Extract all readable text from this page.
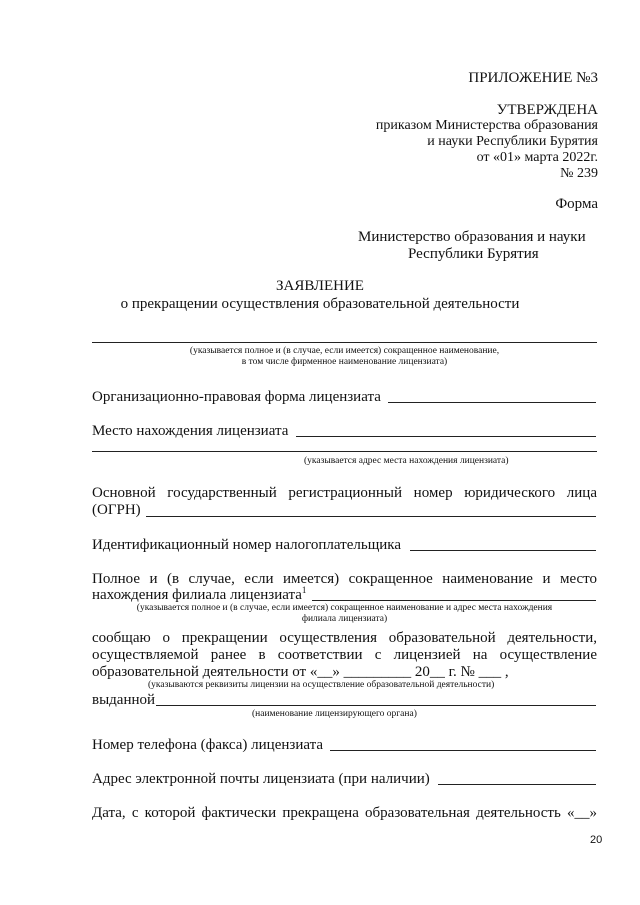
ПРИЛОЖЕНИЕ №3
УТВЕРЖДЕНА
приказом Министерства образования
и науки Республики Бурятия
от «01» марта 2022г.
№ 239
Форма
Министерство образования и науки
Республики Бурятия
ЗАЯВЛЕНИЕ
о прекращении осуществления образовательной деятельности
(указывается полное и (в случае, если имеется) сокращенное наименование,
в том числе фирменное наименование лицензиата)
Организационно-правовая форма лицензиата
Место нахождения лицензиата
(указывается адрес места нахождения лицензиата)
Основной государственный регистрационный номер юридического лица
(ОГРН)
Идентификационный номер налогоплательщика
Полное и (в случае, если имеется) сокращенное наименование и место
нахождения филиала лицензиата$^1$
(указывается полное и (в случае, если имеется) сокращенное наименование и адрес места нахождения
филиала лицензиата)
сообщаю о прекращении осуществления образовательной деятельности,
осуществляемой ранее в соответствии с лицензией на осуществление
образовательной деятельности от «__» _________ 20__ г. № ___ ,
(указываются реквизиты лицензии на осуществление образовательной деятельности)
выданной
(наименование лицензирующего органа)
Номер телефона (факса) лицензиата
Адрес электронной почты лицензиата (при наличии)
Дата, с которой фактически прекращена образовательная деятельность «__»
20
